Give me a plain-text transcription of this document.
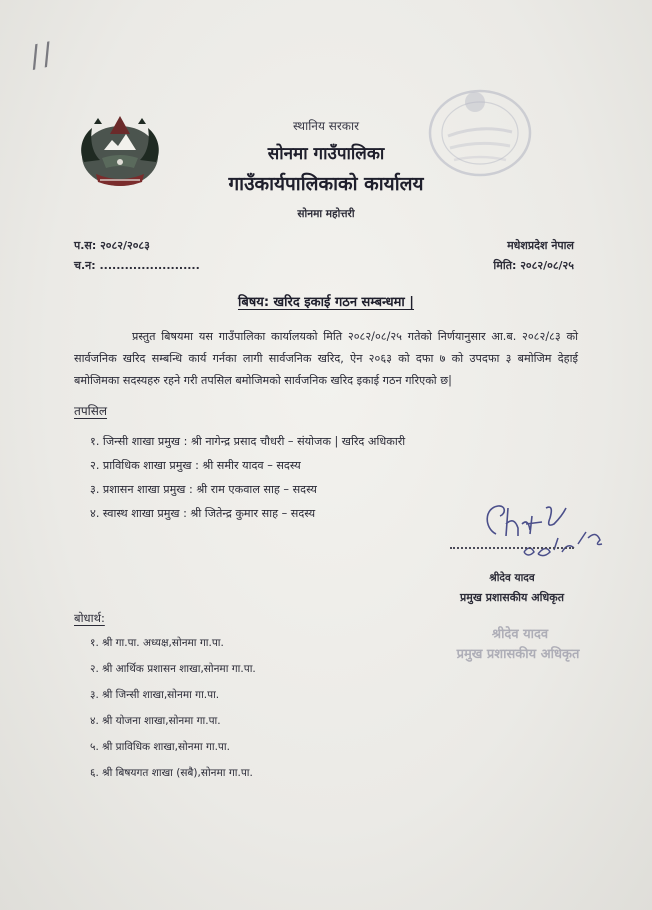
//
स्थानिय सरकार
सोनमा गाउँपालिका
गाउँकार्यपालिकाको कार्यालय
सोनमा महोत्तरी
प.स: २०८२/२०८३
च.न: ........................
मधेशप्रदेश नेपाल
मिति: २०८२/०८/२५
बिषय: खरिद इकाई गठन सम्बन्धमा |
प्रस्तुत बिषयमा यस गाउँपालिका कार्यालयको मिति २०८२/०८/२५ गतेको निर्णयानुसार आ.ब. २०८२/८३ को सार्वजनिक खरिद सम्बन्धि कार्य गर्नका लागी सार्वजनिक खरिद, ऐन २०६३ को दफा ७ को उपदफा ३ बमोजिम देहाई बमोजिमका सदस्यहरु रहने गरी तपसिल बमोजिमको सार्वजनिक खरिद इकाई गठन गरिएको छ|
तपसिल
१. जिन्सी शाखा प्रमुख : श्री नागेन्द्र प्रसाद चौधरी – संयोजक | खरिद अधिकारी
२. प्राविधिक शाखा प्रमुख : श्री समीर यादव – सदस्य
३. प्रशासन शाखा प्रमुख : श्री राम एकवाल साह – सदस्य
४. स्वास्थ शाखा प्रमुख : श्री जितेन्द्र कुमार साह – सदस्य
श्रीदेव यादव
प्रमुख प्रशासकीय अधिकृत
श्रीदेव यादव
प्रमुख प्रशासकीय अधिकृत
बोधार्थ:
१. श्री गा.पा. अध्यक्ष,सोनमा गा.पा.
२. श्री आर्थिक प्रशासन शाखा,सोनमा गा.पा.
३. श्री जिन्सी शाखा,सोनमा गा.पा.
४. श्री योजना शाखा,सोनमा गा.पा.
५. श्री प्राविधिक शाखा,सोनमा गा.पा.
६. श्री बिषयगत शाखा (सबै),सोनमा गा.पा.
